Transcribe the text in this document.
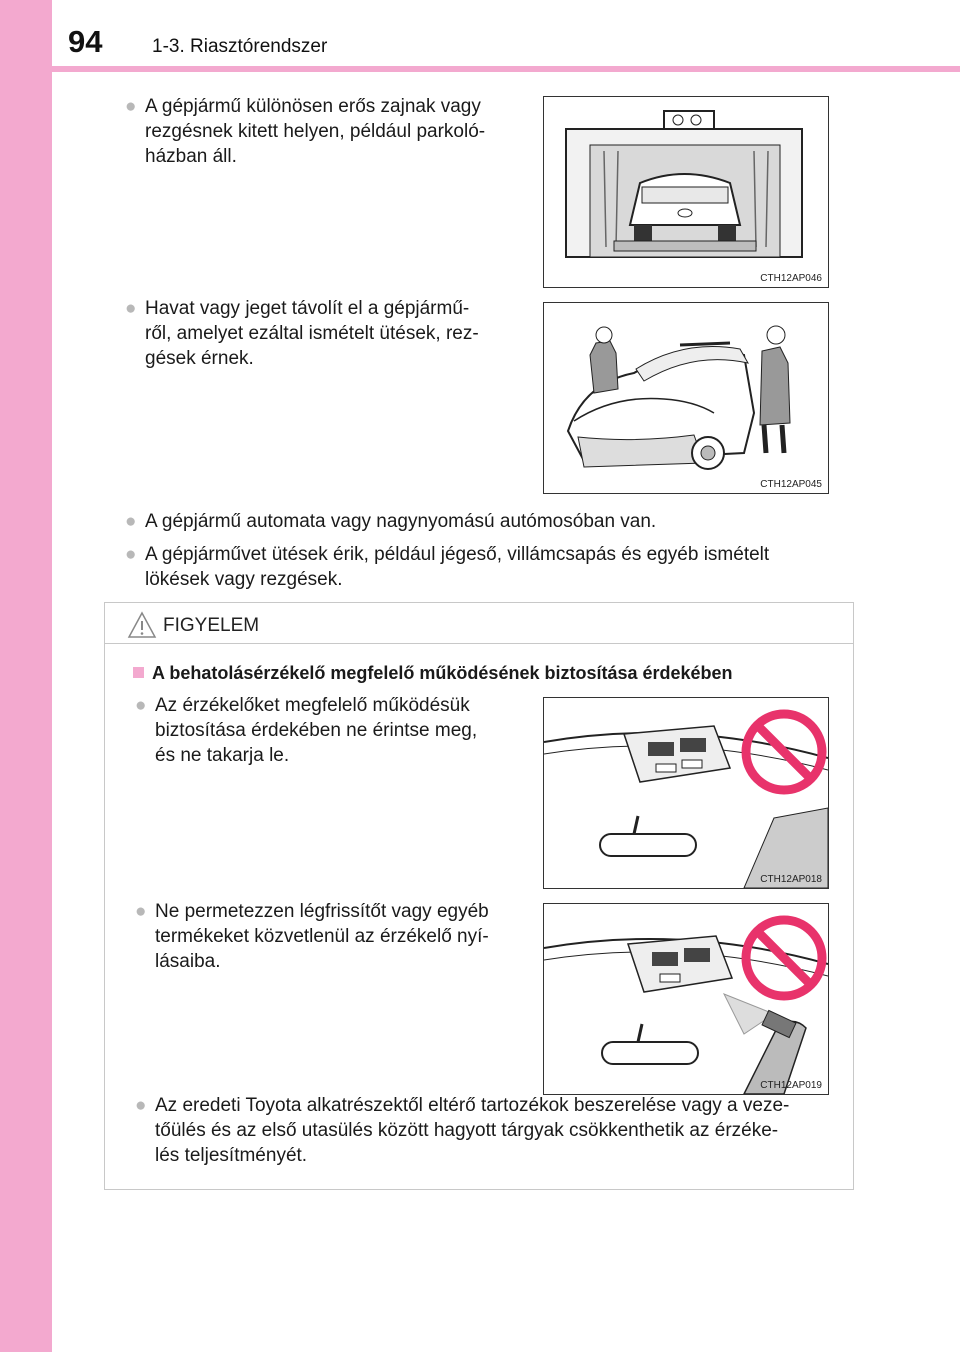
94	1-3. Riasztórendszer
● A gépjármű különösen erős zajnak vagy
rezgésnek kitett helyen, például parkoló-
házban áll.
CTH12AP046
● Havat vagy jeget távolít el a gépjármű-
ről, amelyet ezáltal ismételt ütések, rez-
gések érnek.
CTH12AP045
● A gépjármű automata vagy nagynyomású autómosóban van.
● A gépjárművet ütések érik, például jégeső, villámcsapás és egyéb ismételt
lökések vagy rezgések.
FIGYELEM
A behatolásérzékelő megfelelő működésének biztosítása érdekében
● Az érzékelőket megfelelő működésük
biztosítása érdekében ne érintse meg,
és ne takarja le.
● Ne permetezzen légfrissítőt vagy egyéb
termékeket közvetlenül az érzékelő nyí-
lásaiba.
● Az eredeti Toyota alkatrészektől eltérő tartozékok beszerelése vagy a veze-
tőülés és az első utasülés között hagyott tárgyak csökkenthetik az érzéke-
lés teljesítményét.
CTH12AP018
CTH12AP019
